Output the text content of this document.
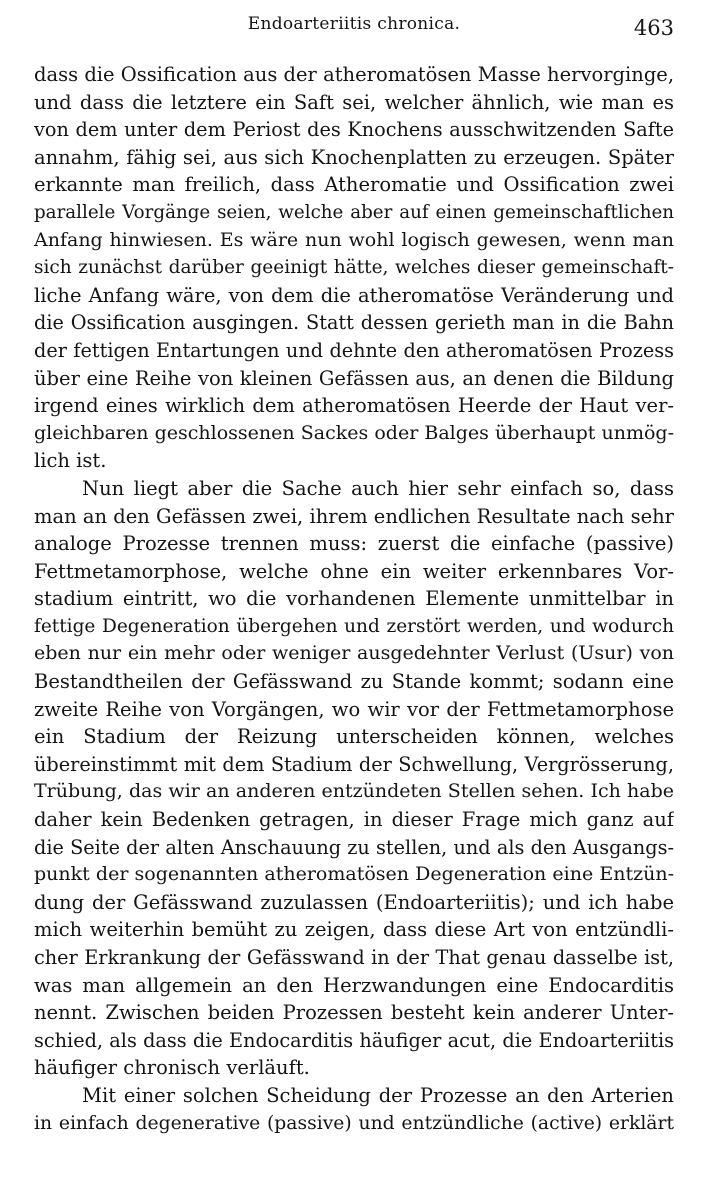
Endoarteriitis chronica.	463
dass die Ossification aus der atheromatösen Masse hervorginge,
und dass die letztere ein Saft sei, welcher ähnlich, wie man es
von dem unter dem Periost des Knochens ausschwitzenden Safte
annahm, fähig sei, aus sich Knochenplatten zu erzeugen. Später
erkannte man freilich, dass Atheromatie und Ossification zwei
parallele Vorgänge seien, welche aber auf einen gemeinschaftlichen
Anfang hinwiesen. Es wäre nun wohl logisch gewesen, wenn man
sich zunächst darüber geeinigt hätte, welches dieser gemeinschaft-
liche Anfang wäre, von dem die atheromatöse Veränderung und
die Ossification ausgingen. Statt dessen gerieth man in die Bahn
der fettigen Entartungen und dehnte den atheromatösen Prozess
über eine Reihe von kleinen Gefässen aus, an denen die Bildung
irgend eines wirklich dem atheromatösen Heerde der Haut ver-
gleichbaren geschlossenen Sackes oder Balges überhaupt unmög-
lich ist.
Nun liegt aber die Sache auch hier sehr einfach so, dass
man an den Gefässen zwei, ihrem endlichen Resultate nach sehr
analoge Prozesse trennen muss: zuerst die einfache (passive)
Fettmetamorphose, welche ohne ein weiter erkennbares Vor-
stadium eintritt, wo die vorhandenen Elemente unmittelbar in
fettige Degeneration übergehen und zerstört werden, und wodurch
eben nur ein mehr oder weniger ausgedehnter Verlust (Usur) von
Bestandtheilen der Gefässwand zu Stande kommt; sodann eine
zweite Reihe von Vorgängen, wo wir vor der Fettmetamorphose
ein Stadium der Reizung unterscheiden können, welches
übereinstimmt mit dem Stadium der Schwellung, Vergrösserung,
Trübung, das wir an anderen entzündeten Stellen sehen. Ich habe
daher kein Bedenken getragen, in dieser Frage mich ganz auf
die Seite der alten Anschauung zu stellen, und als den Ausgangs-
punkt der sogenannten atheromatösen Degeneration eine Entzün-
dung der Gefässwand zuzulassen (Endoarteriitis); und ich habe
mich weiterhin bemüht zu zeigen, dass diese Art von entzündli-
cher Erkrankung der Gefässwand in der That genau dasselbe ist,
was man allgemein an den Herzwandungen eine Endocarditis
nennt. Zwischen beiden Prozessen besteht kein anderer Unter-
schied, als dass die Endocarditis häufiger acut, die Endoarteriitis
häufiger chronisch verläuft.
Mit einer solchen Scheidung der Prozesse an den Arterien
in einfach degenerative (passive) und entzündliche (active) erklärt
